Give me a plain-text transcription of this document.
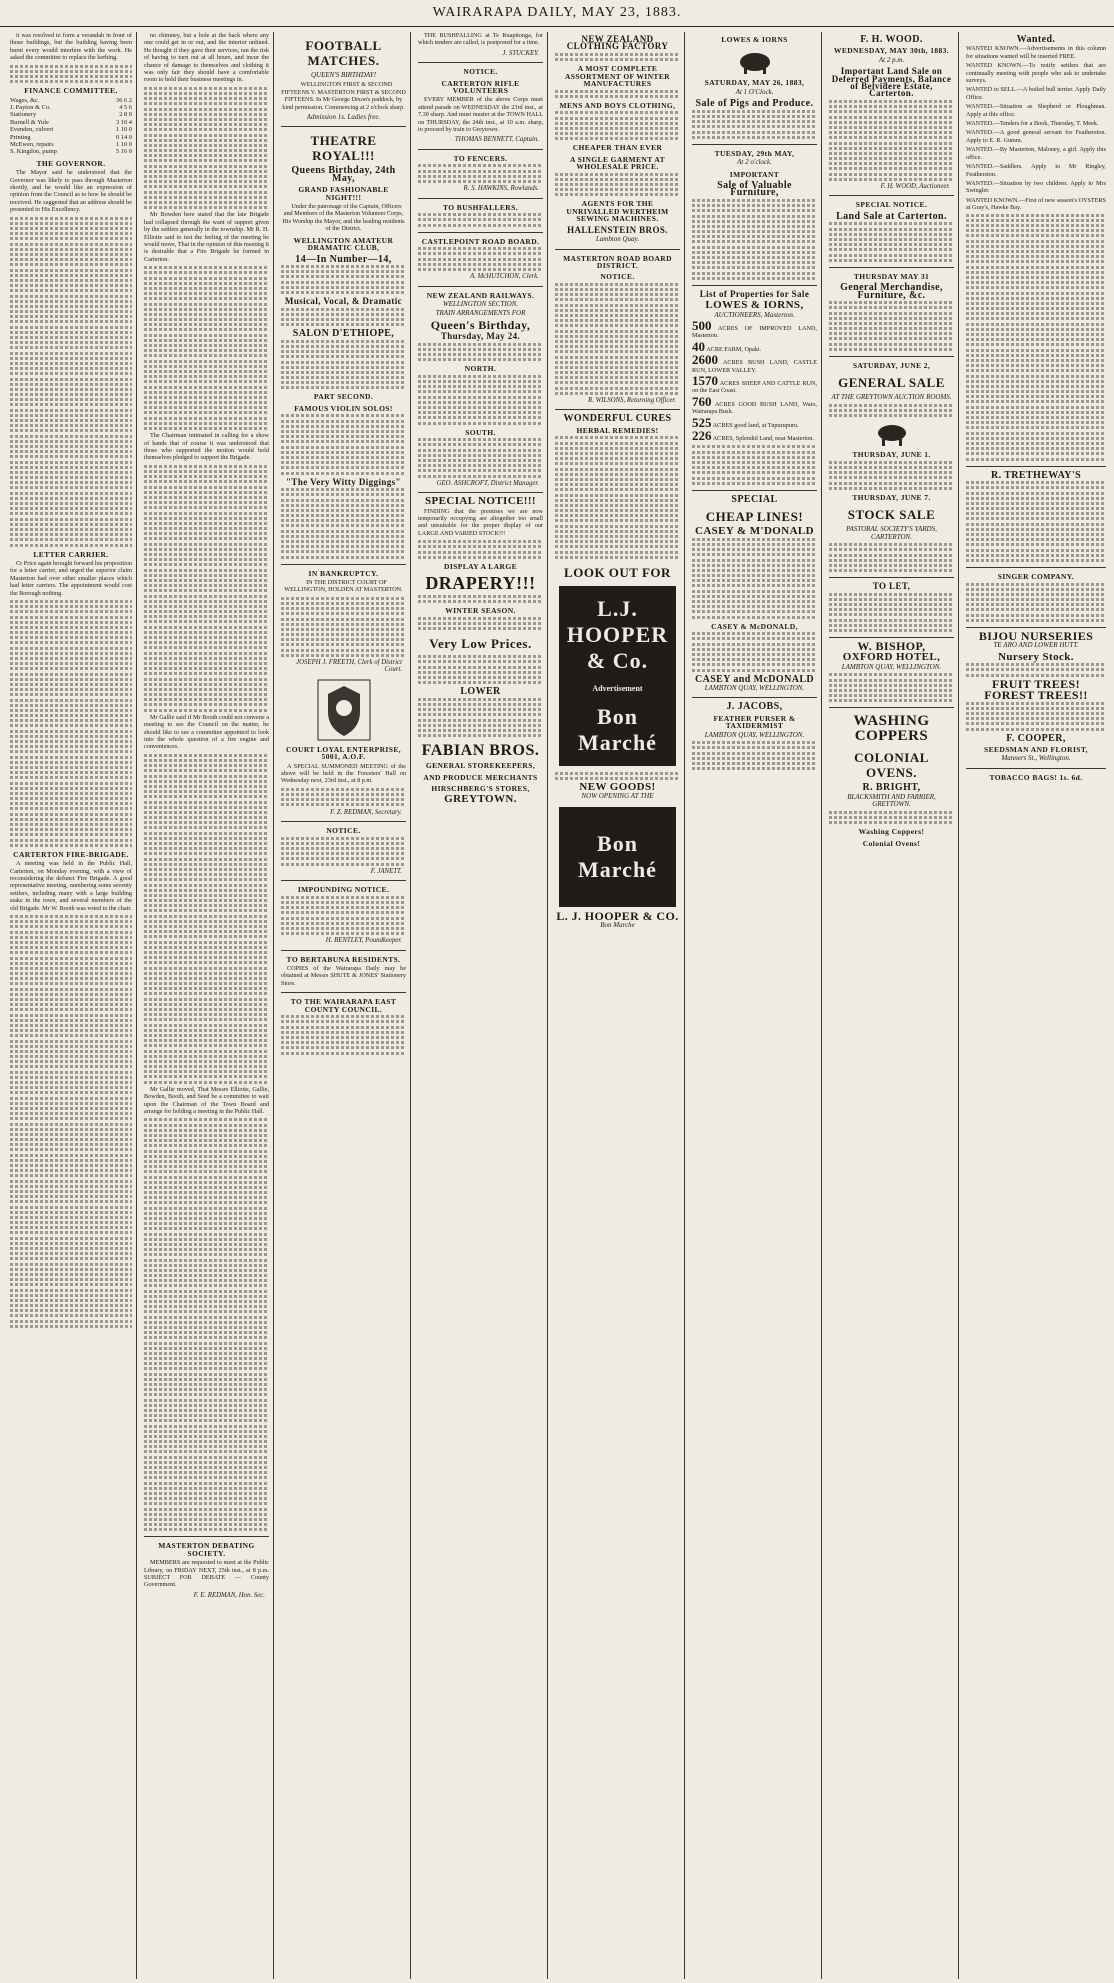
WAIRARAPA DAILY, MAY 23, 1883.

it was resolved to form a verandah in front of those buildings, but the building having been burnt every would interfere with the work. He asked the committee to replace the kerbing.

FINANCE COMMITTEE.
Wages, &c.	36 6 2
J. Payton & Co.	4 5 6
Stationery	2 8 0
Burnell & Yule	3 10 4
Evenden, culvert	1 10 0
Printing	0 14 0
McEwen, repairs	1 10 0
S. Kingdon, pump	5 16 0
THE GOVERNOR.

The Mayor said he understood that the Governor was likely to pass through Masterton shortly, and he would like an expression of opinion from the Council as to how he should be received. He suggested that an address should be presented to His Excellency.

LETTER CARRIER.

Cr Price again brought forward his proposition for a letter carrier, and urged the superior claim Masterton had over other smaller places which had letter carriers. The appointment would cost the Borough nothing.

CARTERTON FIRE-BRIGADE.

A meeting was held in the Public Hall, Carterton, on Monday evening, with a view of reconsidering the defunct Fire Brigade. A good representative meeting, numbering some seventy settlers, including many with a large building stake in the town, and several members of the old Brigade. Mr W. Booth was voted to the chair.

no chimney, but a hole at the back where any one could get in or out, and the interior unlined. He thought if they gave their services, ran the risk of having to turn out at all hours, and incur the chance of damage to themselves and clothing it was only fair they should have a comfortable room to hold their business meetings in.

Mr Bowden here stated that the late Brigade had collapsed through the want of support given by the settlers generally in the township. Mr R. H. Elliotte said to test the feeling of the meeting he would move, That in the opinion of this meeting it is desirable that a Fire Brigade be formed in Carterton.

The Chairman intimated in calling for a show of hands that of course it was understood that those who supported the motion would hold themselves pledged to support the Brigade.

Mr Gallie said if Mr Booth could not convene a meeting to see the Council on the matter, he should like to see a committee appointed to look into the whole question of a fire engine and conveniences.

Mr Gallie moved, That Messrs Elliotte, Gallie, Bowden, Booth, and Seed be a committee to wait upon the Chairman of the Town Board and arrange for holding a meeting in the Public Hall.

MASTERTON DEBATING SOCIETY.

MEMBERS are requested to meet at the Public Library, on FRIDAY NEXT, 25th inst., at 8 p.m. SUBJECT FOR DEBATE — County Government.

F. E. REDMAN, Hon. Sec.
FOOTBALL MATCHES.
QUEEN'S BIRTHDAY!

WELLINGTON FIRST & SECOND FIFTEENS V. MASTERTON FIRST & SECOND FIFTEENS. In Mr George Dixon's paddock, by kind permission. Commencing at 2 o'clock sharp.

Admission 1s. Ladies free.
THEATRE ROYAL!!!
Queens Birthday, 24th May,
GRAND FASHIONABLE NIGHT!!!

Under the patronage of the Captain, Officers and Members of the Masterton Volunteer Corps, His Worship the Mayor, and the leading residents of the District.

WELLINGTON AMATEUR DRAMATIC CLUB,
14—In Number—14,
Musical, Vocal, & Dramatic
SALON D'ETHIOPE,
PART SECOND.
FAMOUS VIOLIN SOLOS!
"The Very Witty Diggings"
IN BANKRUPTCY.

IN THE DISTRICT COURT OF WELLINGTON, HOLDEN AT MASTERTON.

JOSEPH J. FREETH, Clerk of District Court.
COURT LOYAL ENTERPRISE, 5001, A.O.F.

A SPECIAL SUMMONED MEETING of the above will be held in the Foresters' Hall on Wednesday next, 23rd inst., at 8 p.m.

F. Z. REDMAN, Secretary.
NOTICE.
F. JANETT.
IMPOUNDING NOTICE.
H. BENTLEY, Poundkeeper.
TO BERTABUNA RESIDENTS.

COPIES of the Wairarapa Daily may be obtained at Messrs SHUTE & JONES' Stationery Store.

TO THE WAIRARAPA EAST COUNTY COUNCIL.

THE BUSHFALLING at Te Ruapitonga, for which tenders are called, is postponed for a time.

J. STUCKEY.
NOTICE.
CARTERTON RIFLE VOLUNTEERS

EVERY MEMBER of the above Corps must attend parade on WEDNESDAY the 23rd inst., at 7.30 sharp. And must muster at the TOWN HALL on THURSDAY, the 24th inst., at 10 a.m. sharp, to proceed by train to Greytown.

THOMAS BENNETT, Captain.
TO FENCERS.
R. S. HAWKINS, Rowlands.
TO BUSHFALLERS.
CASTLEPOINT ROAD BOARD.
A. McHUTCHON, Clerk.
NEW ZEALAND RAILWAYS.
WELLINGTON SECTION.
TRAIN ARRANGEMENTS FOR
Queen's Birthday,
Thursday, May 24.
NORTH.
SOUTH.
GEO. ASHCROFT, District Manager.
SPECIAL NOTICE!!!

FINDING that the premises we are now temporarily occupying are altogether too small and unsuitable for the proper display of our LARGE AND VARIED STOCK!!!

DISPLAY A LARGE
DRAPERY!!!
WINTER SEASON.
Very Low Prices.
LOWER
FABIAN BROS.
GENERAL STOREKEEPERS,
AND PRODUCE MERCHANTS
HIRSCHBERG'S STORES,
GREYTOWN.
NEW ZEALAND CLOTHING FACTORY
A MOST COMPLETE ASSORTMENT OF WINTER MANUFACTURES
MENS AND BOYS CLOTHING,
CHEAPER THAN EVER
A SINGLE GARMENT AT WHOLESALE PRICE.
AGENTS FOR THE UNRIVALLED WERTHEIM SEWING MACHINES.
HALLENSTEIN BROS.
Lambton Quay.
MASTERTON ROAD BOARD DISTRICT.
NOTICE.
R. WILSONS, Returning Officer.
WONDERFUL CURES
HERBAL REMEDIES!
LOOK OUT FOR
L.J. HOOPER & Co.
Advertisement
Bon Marché
NEW GOODS!
NOW OPENING AT THE
Bon Marché
L. J. HOOPER & CO.
Bon Marche
LOWES & IORNS
SATURDAY, MAY 26, 1883,
At 1 O'Clock.
Sale of Pigs and Produce.
TUESDAY, 29th MAY,
At 2 o'clock.
IMPORTANT
Sale of Valuable Furniture,
List of Properties for Sale
LOWES & IORNS,
AUCTIONEERS, Masterton.
500 ACRES OF IMPROVED LAND, Masterton.
40 ACRE FARM, Opaki.
2600 ACRES BUSH LAND, CASTLE RUN, LOWER VALLEY.
1570 ACRES SHEEP AND CATTLE RUN, on the East Coast.
760 ACRES GOOD BUSH LAND, Waio, Wairarapa Bush.
525 ACRES good land, at Tupurupuru.
226 ACRES, Splendid Land, near Masterton.
SPECIAL
CHEAP LINES!
CASEY & M'DONALD
CASEY & McDONALD,
CASEY and McDONALD
LAMBTON QUAY, WELLINGTON.
J. JACOBS,
FEATHER PURSER & TAXIDERMIST
LAMBTON QUAY, WELLINGTON.
F. H. WOOD.
WEDNESDAY, MAY 30th, 1883.
At 2 p.m.
Important Land Sale on Deferred Payments, Balance of Belvidere Estate, Carterton.
F. H. WOOD, Auctioneer.
SPECIAL NOTICE.
Land Sale at Carterton.
THURSDAY MAY 31
General Merchandise, Furniture, &c.
SATURDAY, JUNE 2,
GENERAL SALE
AT THE GREYTOWN AUCTION ROOMS.
THURSDAY, JUNE 1.
THURSDAY, JUNE 7.
STOCK SALE
PASTORAL SOCIETY'S YARDS, CARTERTON.
TO LET,
W. BISHOP,
OXFORD HOTEL,
LAMBTON QUAY, WELLINGTON.
WASHING COPPERS
COLONIAL OVENS.
R. BRIGHT,
BLACKSMITH AND FARRIER, GREYTOWN.
Washing Coppers!
Colonial Ovens!
Wanted.

WANTED KNOWN.—Advertisements in this column for situations wanted will be inserted FREE.

WANTED KNOWN.—To notify settlers that are continually meeting with people who ask to undertake surveys.

WANTED to SELL.—A boiled bull terrier. Apply Daily Office.

WANTED.—Situation as Shepherd or Ploughman. Apply at this office.

WANTED.—Tenders for a Book, Thursday, T. Meek.

WANTED.—A good general servant for Featherston. Apply to E. R. Gumm.

WANTED.—By Masterton, Maloney, a girl. Apply this office.

WANTED.—Saddlers. Apply to Mr Ringley, Featherston.

WANTED.—Situation by two children. Apply to Mrs Swingler.

WANTED KNOWN.—First of new season's OYSTERS at Gray's, Hawke Bay.

R. TRETHEWAY'S
SINGER COMPANY.
BIJOU NURSERIES
TE ARO AND LOWER HUTT.
Nursery Stock.
FRUIT TREES!
FOREST TREES!!
F. COOPER,
SEEDSMAN AND FLORIST,
Manners St., Wellington.
TOBACCO BAGS! 1s. 6d.
